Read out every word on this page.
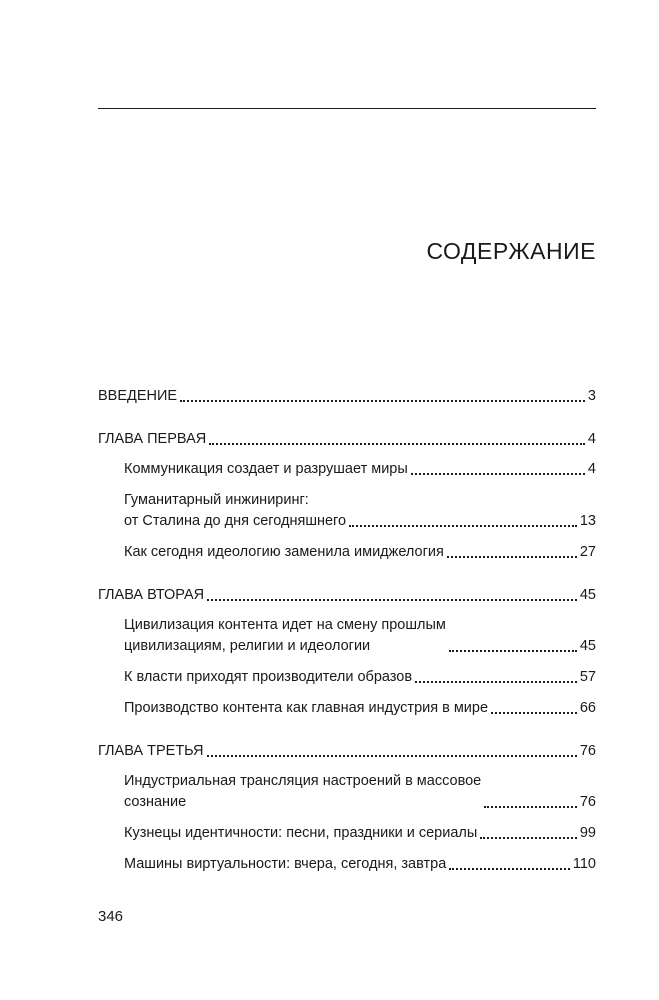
СОДЕРЖАНИЕ
ВВЕДЕНИЕ	3
ГЛАВА ПЕРВАЯ	4
Коммуникация создает и разрушает миры	4
Гуманитарный инжиниринг:
от Сталина до дня сегодняшнего	13
Как сегодня идеологию заменила имиджелогия	27
ГЛАВА ВТОРАЯ	45
Цивилизация контента идет на смену прошлым
цивилизациям, религии и идеологии	45
К власти приходят производители образов	57
Производство контента как главная индустрия в мире	66
ГЛАВА ТРЕТЬЯ	76
Индустриальная трансляция настроений в массовое
сознание	76
Кузнецы идентичности: песни, праздники и сериалы	99
Машины виртуальности: вчера, сегодня, завтра	110
346
